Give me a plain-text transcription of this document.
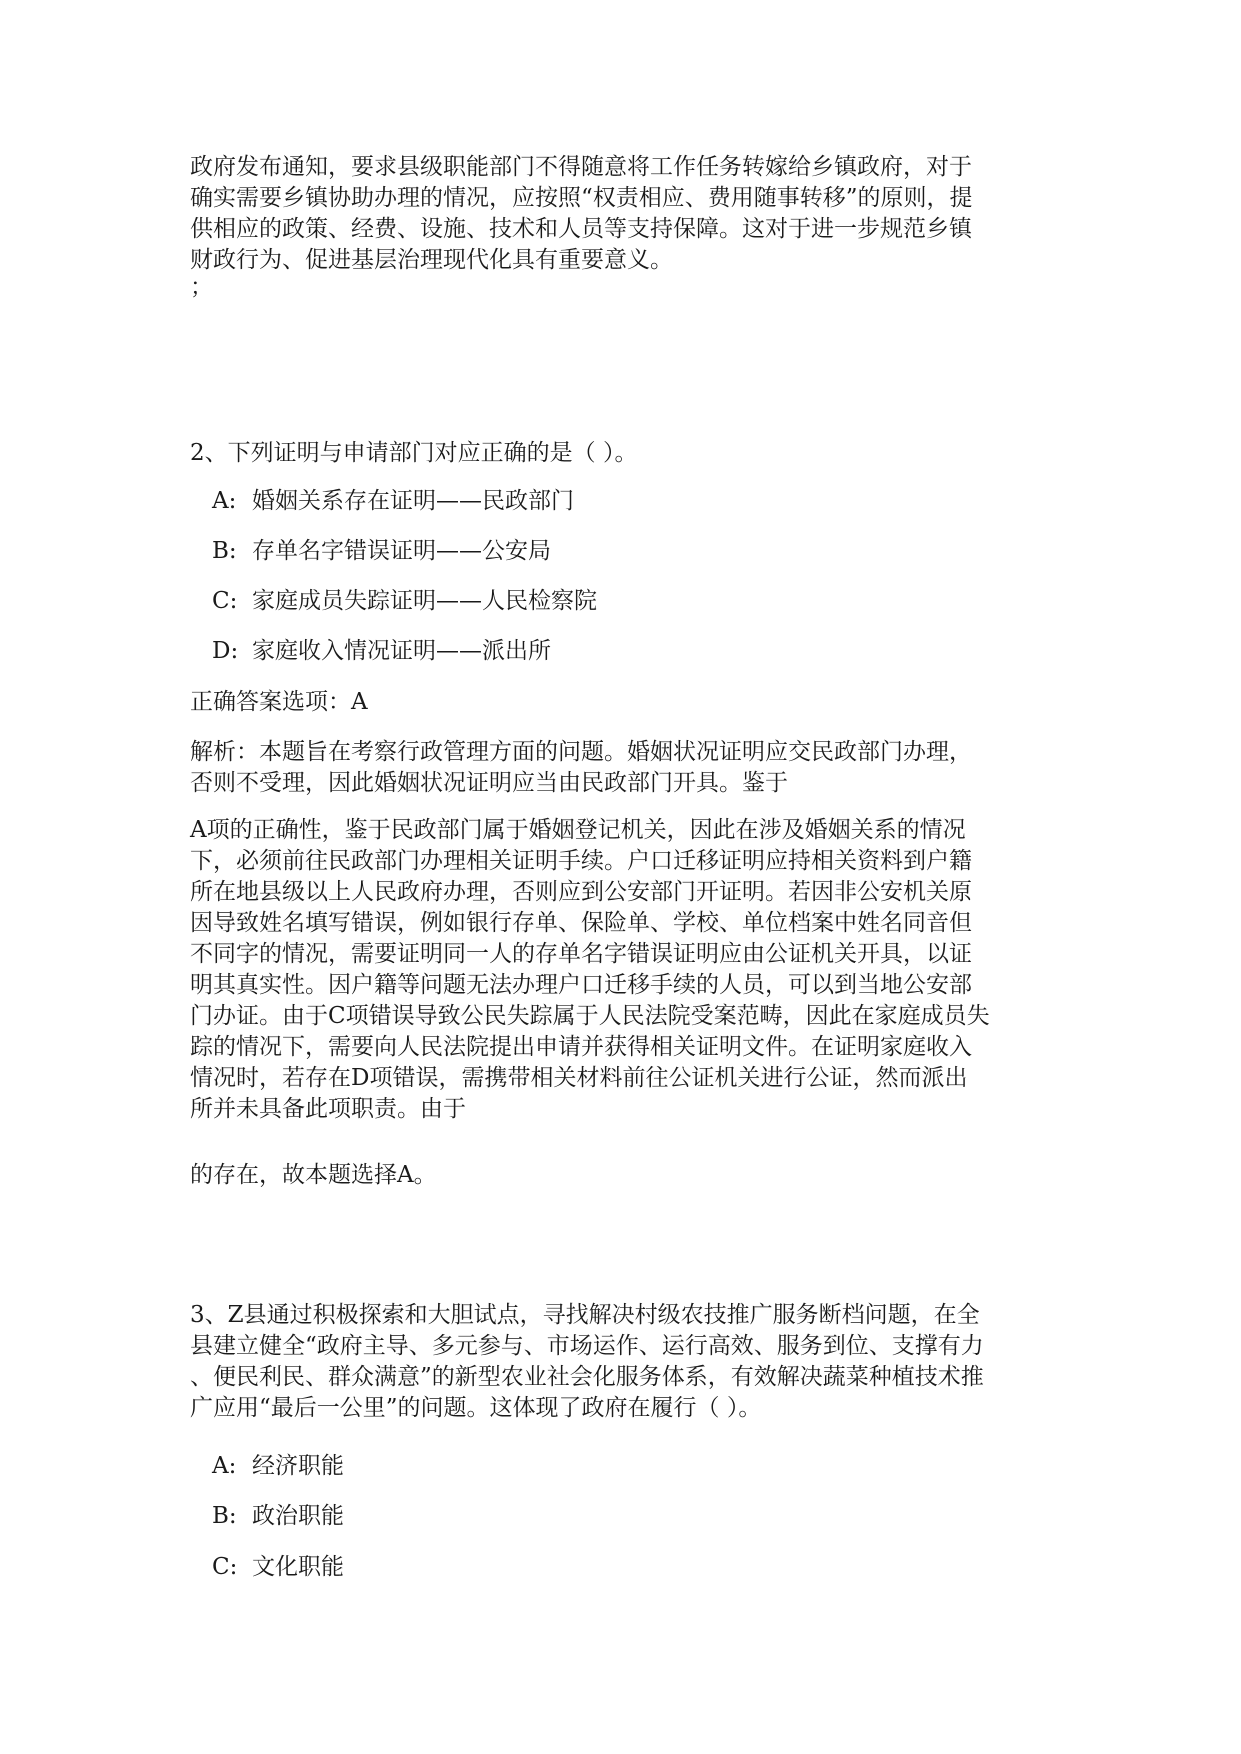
政府发布通知，要求县级职能部门不得随意将工作任务转嫁给乡镇政府，对于
确实需要乡镇协助办理的情况，应按照“权责相应、费用随事转移”的原则，提
供相应的政策、经费、设施、技术和人员等支持保障。这对于进一步规范乡镇
财政行为、促进基层治理现代化具有重要意义。
；
2、下列证明与申请部门对应正确的是（ ）。
A: 婚姻关系存在证明——民政部门
B: 存单名字错误证明——公安局
C: 家庭成员失踪证明——人民检察院
D: 家庭收入情况证明——派出所
正确答案选项：A
解析：本题旨在考察行政管理方面的问题。婚姻状况证明应交民政部门办理，
否则不受理，因此婚姻状况证明应当由民政部门开具。鉴于
A项的正确性，鉴于民政部门属于婚姻登记机关，因此在涉及婚姻关系的情况
下，必须前往民政部门办理相关证明手续。户口迁移证明应持相关资料到户籍
所在地县级以上人民政府办理，否则应到公安部门开证明。若因非公安机关原
因导致姓名填写错误，例如银行存单、保险单、学校、单位档案中姓名同音但
不同字的情况，需要证明同一人的存单名字错误证明应由公证机关开具，以证
明其真实性。因户籍等问题无法办理户口迁移手续的人员，可以到当地公安部
门办证。由于C项错误导致公民失踪属于人民法院受案范畴，因此在家庭成员失
踪的情况下，需要向人民法院提出申请并获得相关证明文件。在证明家庭收入
情况时，若存在D项错误，需携带相关材料前往公证机关进行公证，然而派出
所并未具备此项职责。由于
的存在，故本题选择A。
3、Z县通过积极探索和大胆试点，寻找解决村级农技推广服务断档问题，在全
县建立健全“政府主导、多元参与、市场运作、运行高效、服务到位、支撑有力
、便民利民、群众满意”的新型农业社会化服务体系，有效解决蔬菜种植技术推
广应用“最后一公里”的问题。这体现了政府在履行（ ）。
A: 经济职能
B: 政治职能
C: 文化职能
